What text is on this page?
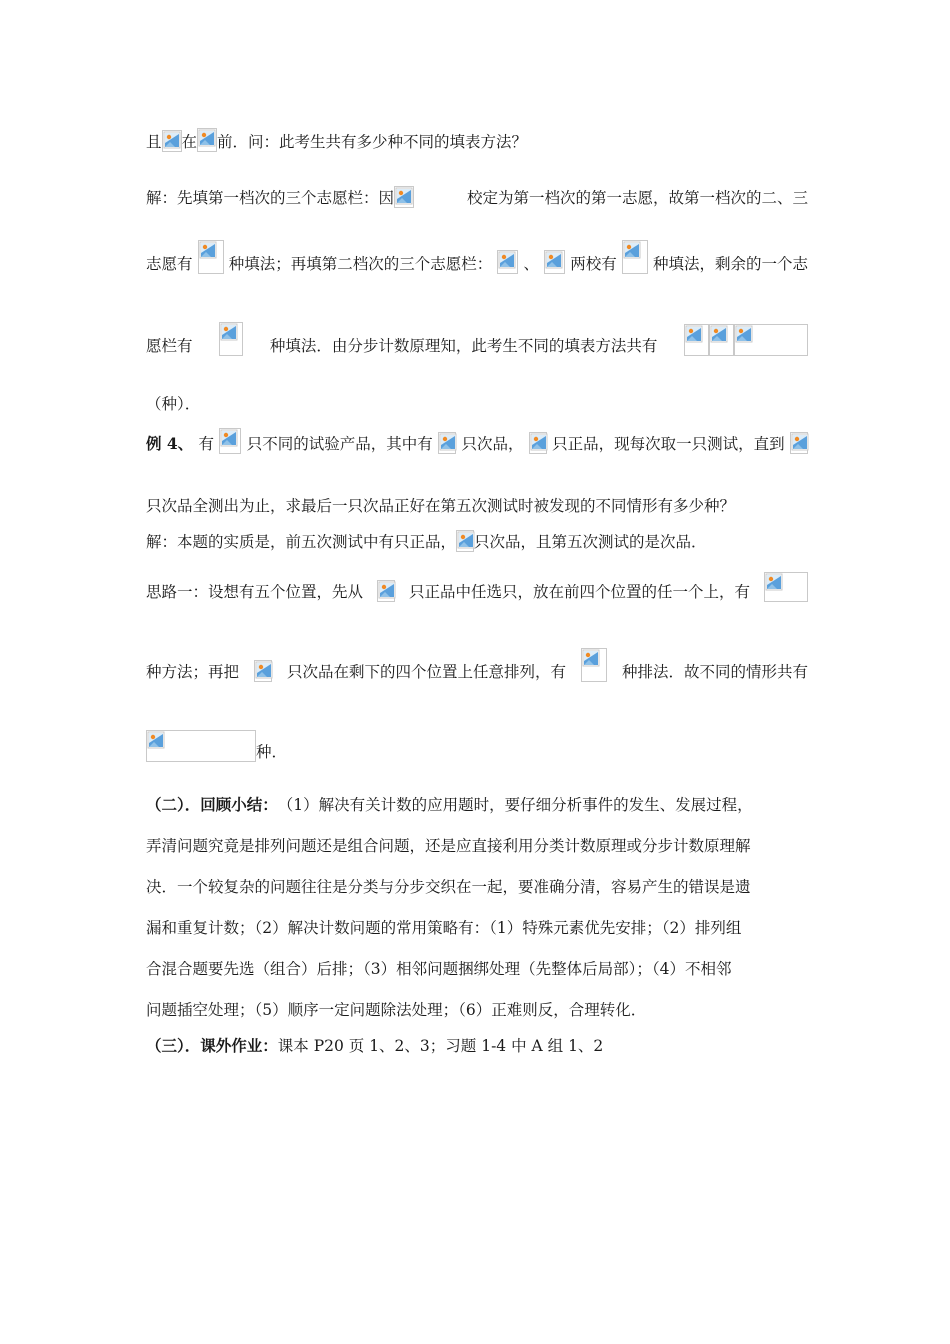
且 在 前．问：此考生共有多少种不同的填表方法？
解：先填第一档次的三个志愿栏：因	校定为第一档次的第一志愿，故第一档次的二、三
志愿有 种填法；再填第二档次的三个志愿栏： 、 两校有 种填法，剩余的一个志
愿栏有	种填法．由分步计数原理知，此考生不同的填表方法共有
（种）．
例 4、 有 只不同的试验产品，其中有 只次品， 只正品，现每次取一只测试，直到
只次品全测出为止，求最后一只次品正好在第五次测试时被发现的不同情形有多少种？
解：本题的实质是，前五次测试中有只正品， 只次品，且第五次测试的是次品．
思路一：设想有五个位置，先从	只正品中任选只，放在前四个位置的任一个上，有
种方法；再把	只次品在剩下的四个位置上任意排列，有	种排法．故不同的情形共有
种．
（二）．回顾小结： （1）解决有关计数的应用题时，要仔细分析事件的发生、发展过程，
弄清问题究竟是排列问题还是组合问题，还是应直接利用分类计数原理或分步计数原理解
决．一个较复杂的问题往往是分类与分步交织在一起，要准确分清，容易产生的错误是遗
漏和重复计数；（2）解决计数问题的常用策略有：（1）特殊元素优先安排；（2）排列组
合混合题要先选（组合）后排；（3）相邻问题捆绑处理（先整体后局部）；（4）不相邻
问题插空处理；（5）顺序一定问题除法处理；（6）正难则反，合理转化．
（三）．课外作业： 课本 P20 页 1、2、3；习题 1-4 中 A 组 1、2
